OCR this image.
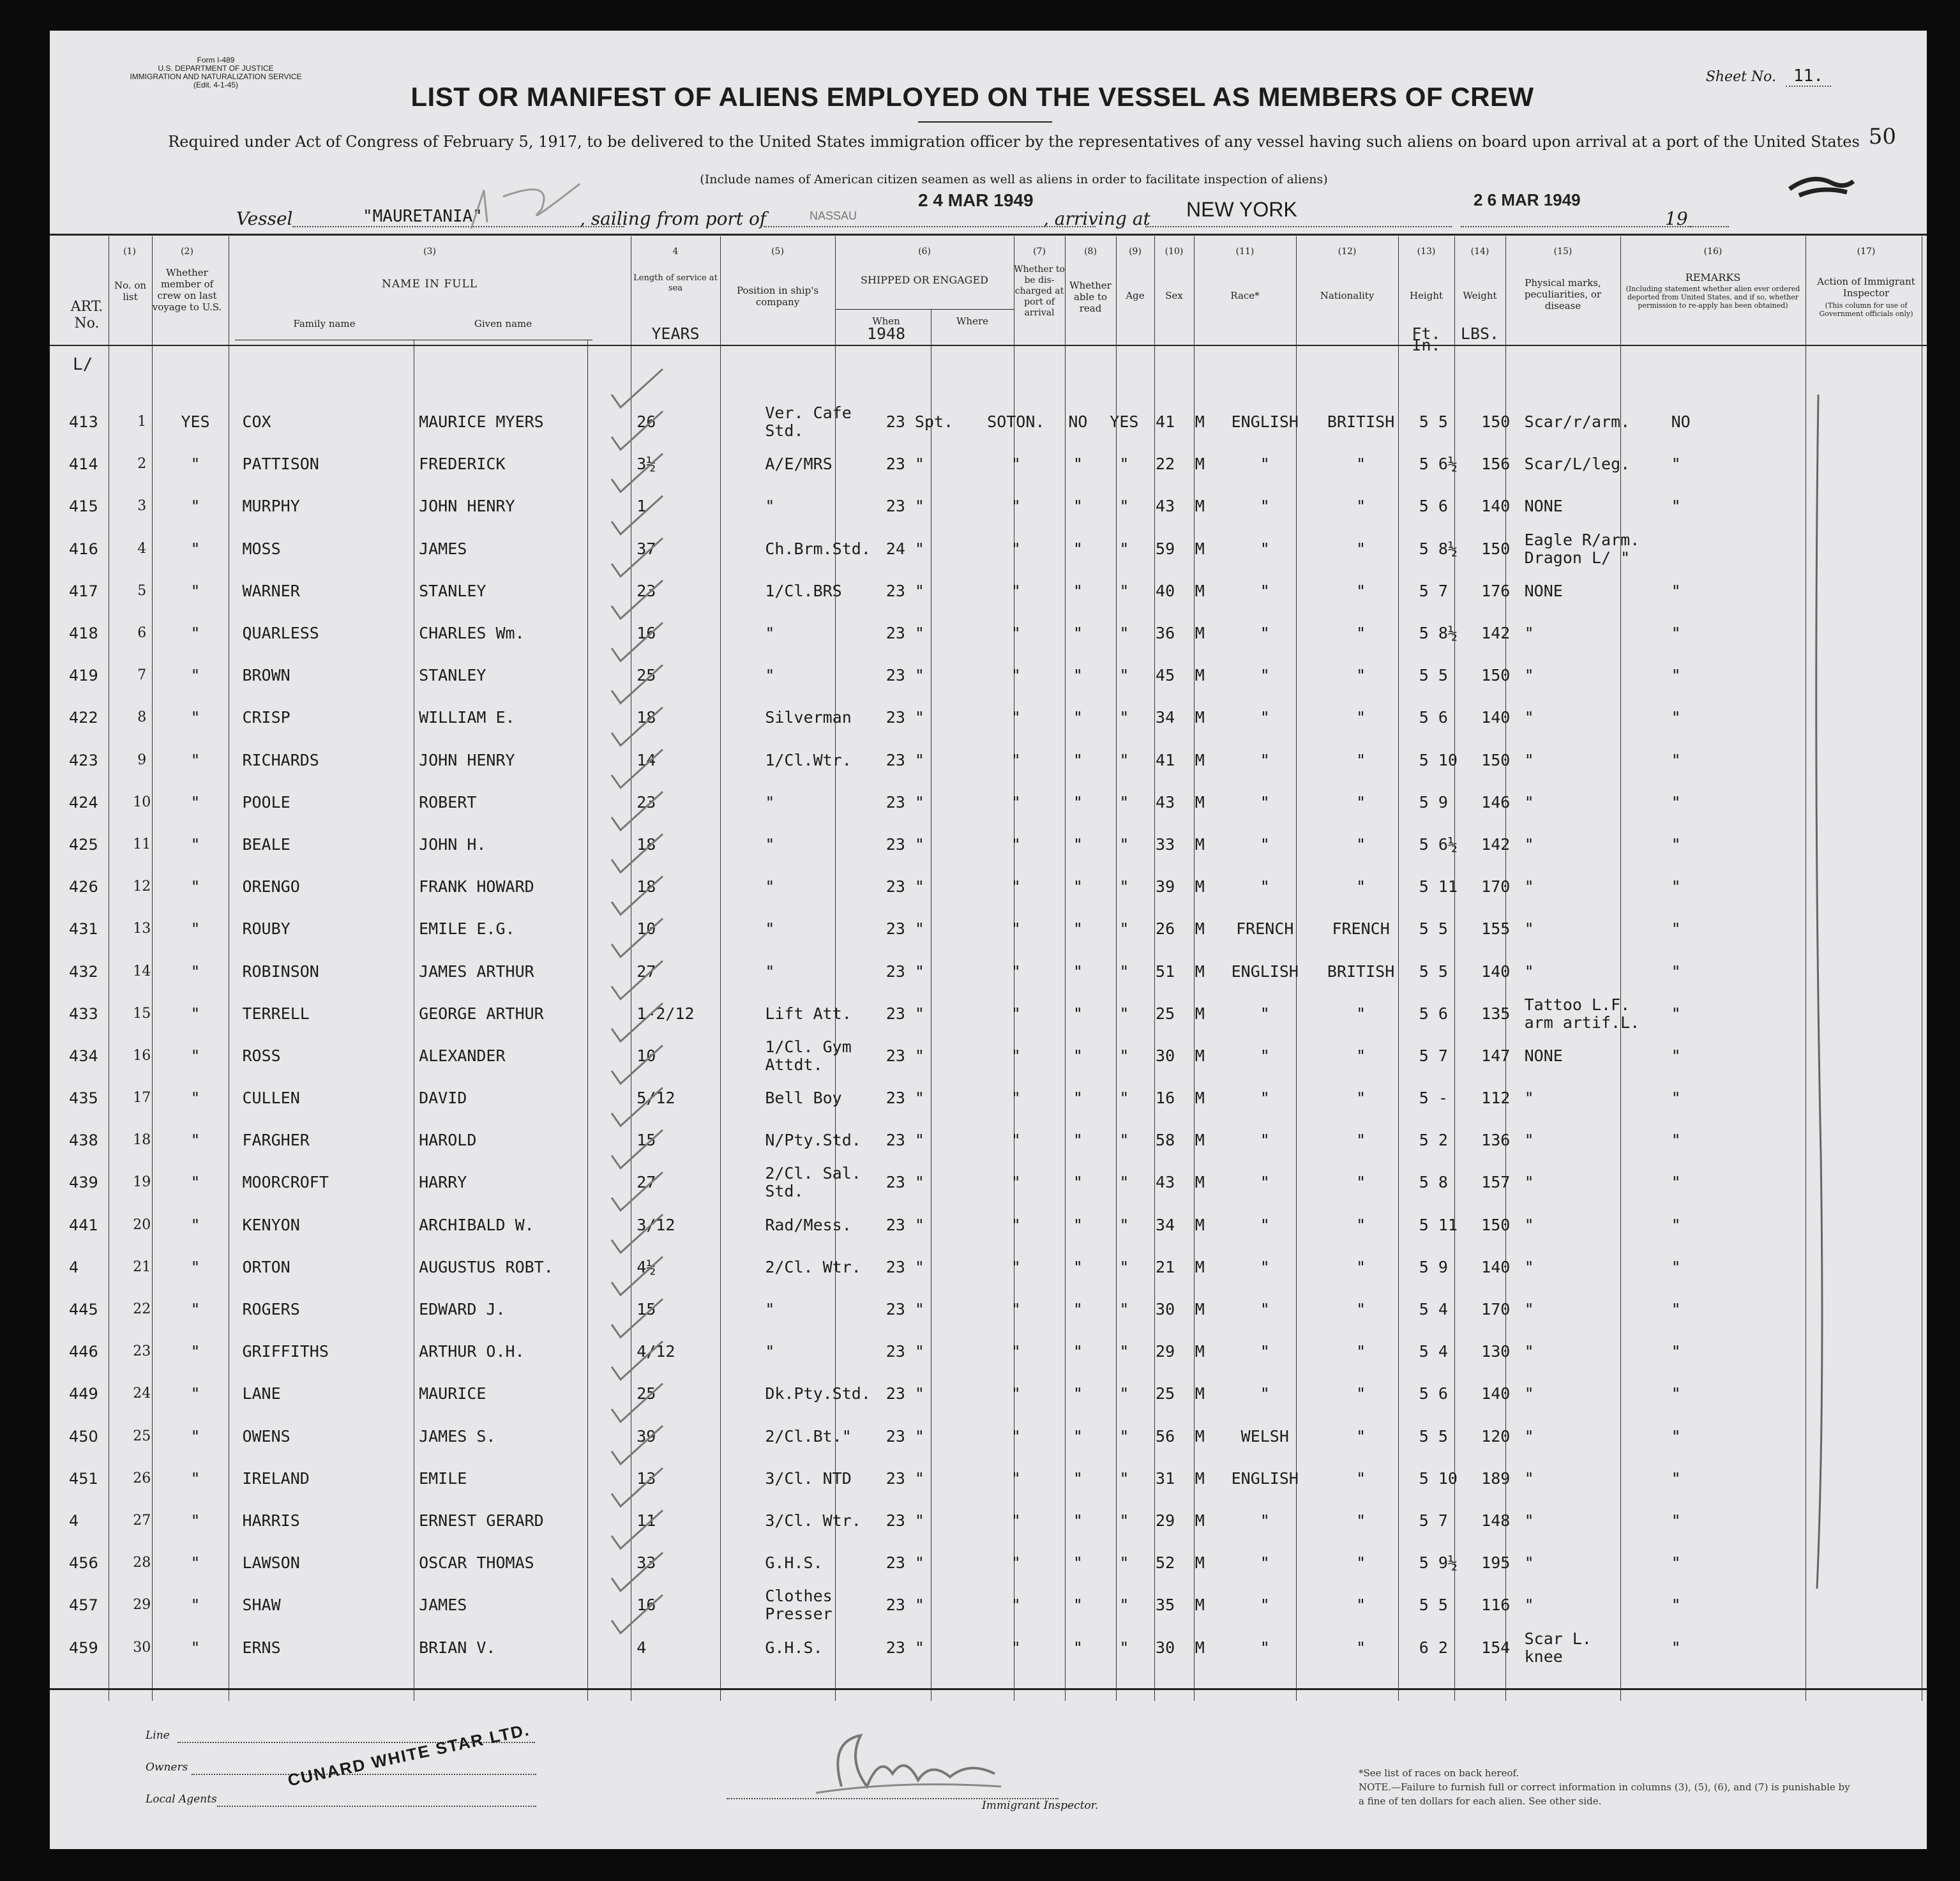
Form I-489
U.S. DEPARTMENT OF JUSTICE
IMMIGRATION AND NATURALIZATION SERVICE
(Edit. 4-1-45)	Sheet No. 11.
50
LIST OR MANIFEST OF ALIENS EMPLOYED ON THE VESSEL AS MEMBERS OF CREW
Required under Act of Congress of February 5, 1917, to be delivered to the United States immigration officer by the representatives of any vessel having such aliens on board upon arrival at a port of the United States
(Include names of American citizen seamen as well as aliens in order to facilitate inspection of aliens)
Vessel	"MAURETANIA"	, sailing from port of	NASSAU
2 4 MAR 1949
, arriving at NEW YORK	2 6 MAR 1949
19
ART. No.
(1)
No. on list
(2)
Whether member of crew on last voyage to U.S.
(3)
NAME IN FULL
Family name	Given name
4
Length of service at sea
YEARS
(5)
Position in ship's company
(6)
SHIPPED OR ENGAGED
When
1948
Where
(7)
Whether to be dis-charged at port of arrival
(8)
Whether able to read
(9)
Age
(10)
Sex
(11)
Race*
(12)
Nationality
(13)
Height
Ft. In.
(14)
Weight
LBS.
(15)
Physical marks, peculiarities, or disease
(16)
REMARKS
(Including statement whether alien ever ordered deported from United States, and if so, whether permission to re-apply has been obtained)
(17)
Action of Immigrant Inspector
(This column for use of Government officials only)
L/
413	1	YES	COX	MAURICE MYERS	26	Ver. Cafe
Std.	23 Spt.	SOTON.	NO	YES	41	M	ENGLISH	BRITISH	5 5	150	Scar/r/arm.	NO	
414	2	"	PATTISON	FREDERICK	3½	A/E/MRS	23 "	"	"	"	22	M	"	"	5 6½	156	Scar/L/leg.	"	
415	3	"	MURPHY	JOHN HENRY	1	"	23 "	"	"	"	43	M	"	"	5 6	140	NONE	"	
416	4	"	MOSS	JAMES	37	Ch.Brm.Std.	24 "	"	"	"	59	M	"	"	5 8½	150	Eagle R/arm.
Dragon L/ "		
417	5	"	WARNER	STANLEY	23	1/Cl.BRS	23 "	"	"	"	40	M	"	"	5 7	176	NONE	"	
418	6	"	QUARLESS	CHARLES Wm.	16	"	23 "	"	"	"	36	M	"	"	5 8½	142	"	"	
419	7	"	BROWN	STANLEY	25	"	23 "	"	"	"	45	M	"	"	5 5	150	"	"	
422	8	"	CRISP	WILLIAM E.	18	Silverman	23 "	"	"	"	34	M	"	"	5 6	140	"	"	
423	9	"	RICHARDS	JOHN HENRY	14	1/Cl.Wtr.	23 "	"	"	"	41	M	"	"	5 10	150	"	"	
424	10	"	POOLE	ROBERT	23	"	23 "	"	"	"	43	M	"	"	5 9	146	"	"	
425	11	"	BEALE	JOHN H.	18	"	23 "	"	"	"	33	M	"	"	5 6½	142	"	"	
426	12	"	ORENGO	FRANK HOWARD	18	"	23 "	"	"	"	39	M	"	"	5 11	170	"	"	
431	13	"	ROUBY	EMILE E.G.	10	"	23 "	"	"	"	26	M	FRENCH	FRENCH	5 5	155	"	"	
432	14	"	ROBINSON	JAMES ARTHUR	27	"	23 "	"	"	"	51	M	ENGLISH	BRITISH	5 5	140	"	"	
433	15	"	TERRELL	GEORGE ARTHUR	1-2/12	Lift Att.	23 "	"	"	"	25	M	"	"	5 6	135	Tattoo L.F.
arm artif.L.	"	
434	16	"	ROSS	ALEXANDER	10	1/Cl. Gym
Attdt.	23 "	"	"	"	30	M	"	"	5 7	147	NONE	"	
435	17	"	CULLEN	DAVID	5/12	Bell Boy	23 "	"	"	"	16	M	"	"	5 -	112	"	"	
438	18	"	FARGHER	HAROLD	15	N/Pty.Std.	23 "	"	"	"	58	M	"	"	5 2	136	"	"	
439	19	"	MOORCROFT	HARRY	27	2/Cl. Sal.
Std.	23 "	"	"	"	43	M	"	"	5 8	157	"	"	
441	20	"	KENYON	ARCHIBALD W.	3/12	Rad/Mess.	23 "	"	"	"	34	M	"	"	5 11	150	"	"	
4	21	"	ORTON	AUGUSTUS ROBT.	4½	2/Cl. Wtr.	23 "	"	"	"	21	M	"	"	5 9	140	"	"	
445	22	"	ROGERS	EDWARD J.	15	"	23 "	"	"	"	30	M	"	"	5 4	170	"	"	
446	23	"	GRIFFITHS	ARTHUR O.H.	4/12	"	23 "	"	"	"	29	M	"	"	5 4	130	"	"	
449	24	"	LANE	MAURICE	25	Dk.Pty.Std.	23 "	"	"	"	25	M	"	"	5 6	140	"	"	
450	25	"	OWENS	JAMES S.	39	2/Cl.Bt."	23 "	"	"	"	56	M	WELSH	"	5 5	120	"	"	
451	26	"	IRELAND	EMILE	13	3/Cl. NTD	23 "	"	"	"	31	M	ENGLISH	"	5 10	189	"	"	
4	27	"	HARRIS	ERNEST GERARD	11	3/Cl. Wtr.	23 "	"	"	"	29	M	"	"	5 7	148	"	"	
456	28	"	LAWSON	OSCAR THOMAS	33	G.H.S.	23 "	"	"	"	52	M	"	"	5 9½	195	"	"	
457	29	"	SHAW	JAMES	16	Clothes
Presser	23 "	"	"	"	35	M	"	"	5 5	116	"	"	
459	30	"	ERNS	BRIAN V.	4	G.H.S.	23 "	"	"	"	30	M	"	"	6 2	154	Scar L.
knee	"	
Line
Owners
Local Agents
CUNARD WHITE STAR LTD.
Immigrant Inspector.
*See list of races on back hereof.
NOTE.—Failure to furnish full or correct information in columns (3), (5), (6), and (7) is punishable by a fine of ten dollars for each alien. See other side.
